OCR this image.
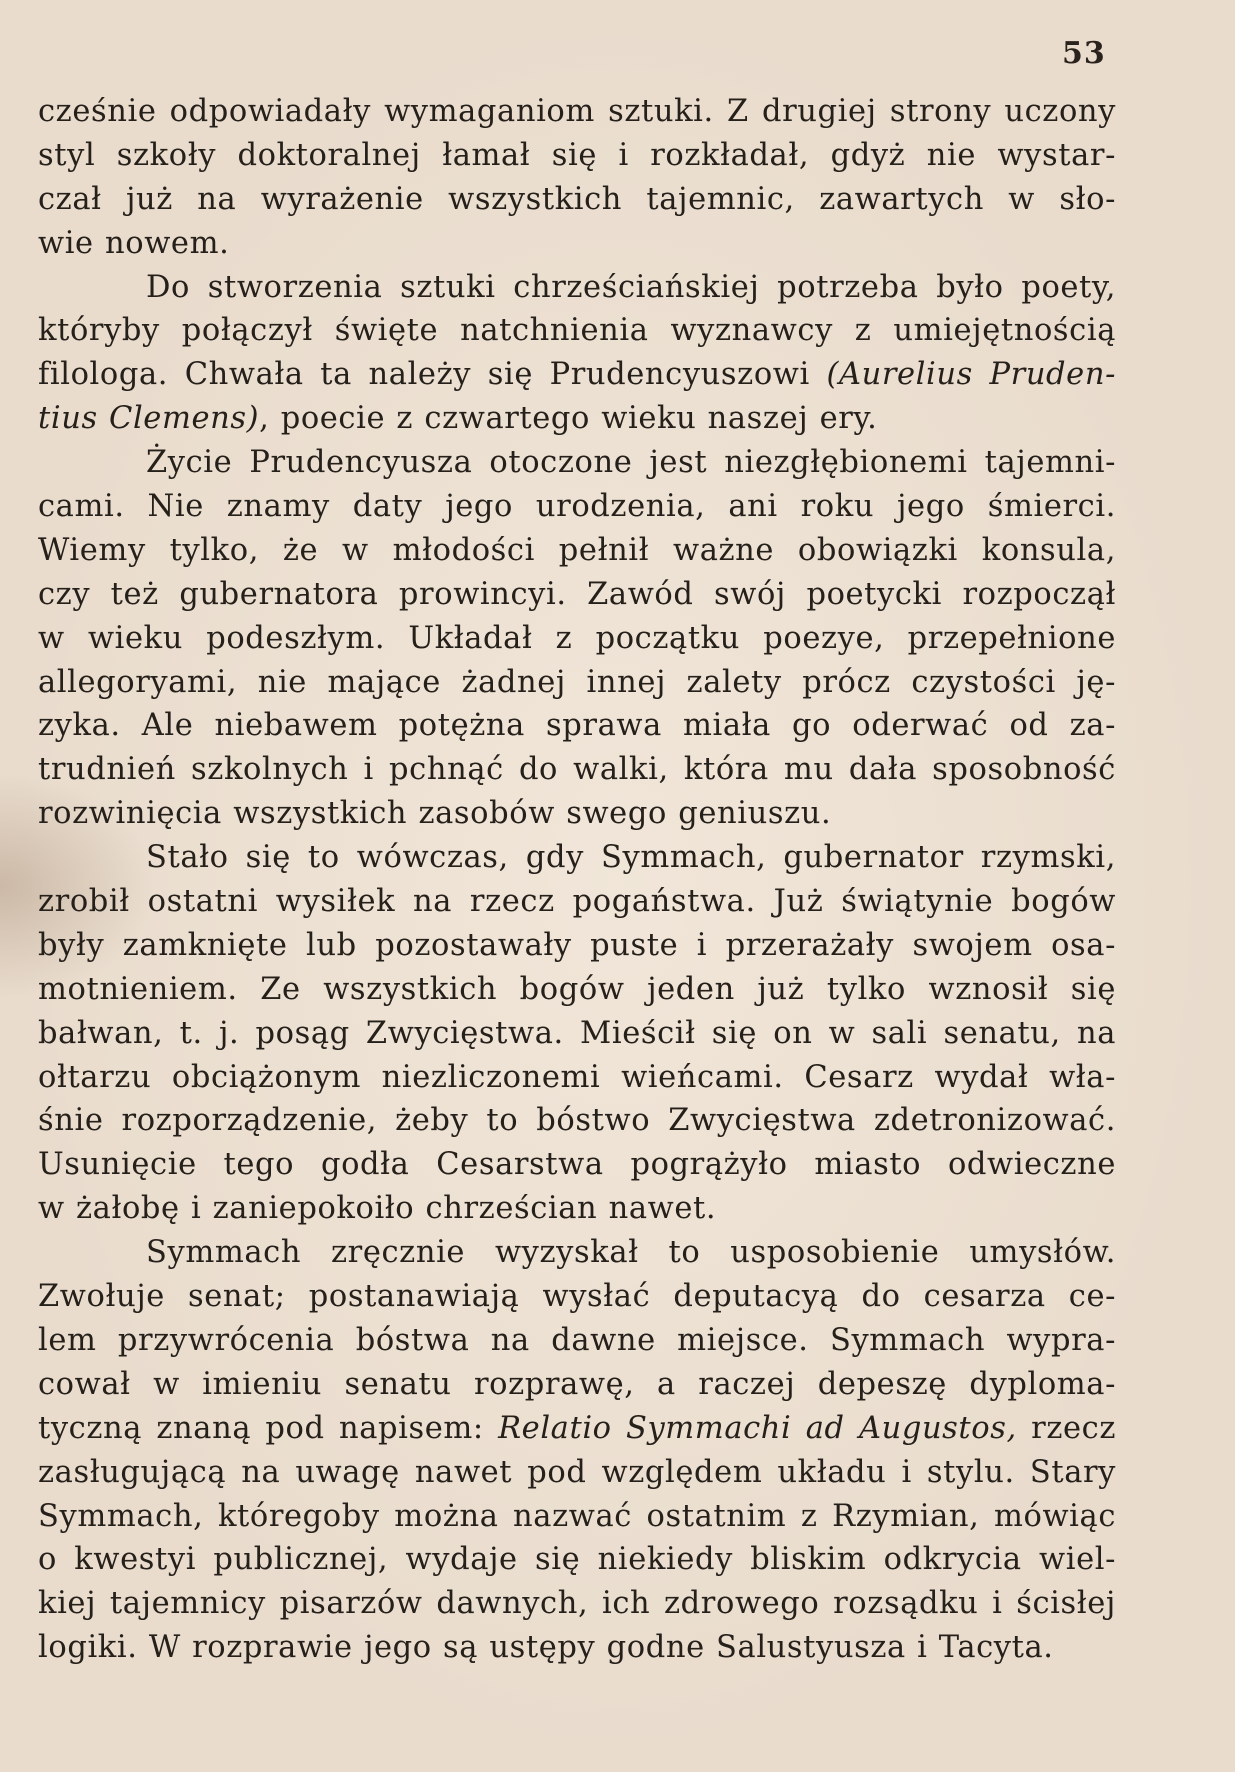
53
cześnie odpowiadały wymaganiom sztuki. Z drugiej strony uczony
styl szkoły doktoralnej łamał się i rozkładał, gdyż nie wystar-
czał już na wyrażenie wszystkich tajemnic, zawartych w sło-
wie nowem.
Do stworzenia sztuki chrześciańskiej potrzeba było poety,
któryby połączył święte natchnienia wyznawcy z umiejętnością
filologa. Chwała ta należy się Prudencyuszowi (Aurelius Pruden-
tius Clemens), poecie z czwartego wieku naszej ery.
Życie Prudencyusza otoczone jest niezgłębionemi tajemni-
cami. Nie znamy daty jego urodzenia, ani roku jego śmierci.
Wiemy tylko, że w młodości pełnił ważne obowiązki konsula,
czy też gubernatora prowincyi. Zawód swój poetycki rozpoczął
w wieku podeszłym. Układał z początku poezye, przepełnione
allegoryami, nie mające żadnej innej zalety prócz czystości ję-
zyka. Ale niebawem potężna sprawa miała go oderwać od za-
trudnień szkolnych i pchnąć do walki, która mu dała sposobność
rozwinięcia wszystkich zasobów swego geniuszu.
Stało się to wówczas, gdy Symmach, gubernator rzymski,
zrobił ostatni wysiłek na rzecz pogaństwa. Już świątynie bogów
były zamknięte lub pozostawały puste i przerażały swojem osa-
motnieniem. Ze wszystkich bogów jeden już tylko wznosił się
bałwan, t. j. posąg Zwycięstwa. Mieścił się on w sali senatu, na
ołtarzu obciążonym niezliczonemi wieńcami. Cesarz wydał wła-
śnie rozporządzenie, żeby to bóstwo Zwycięstwa zdetronizować.
Usunięcie tego godła Cesarstwa pogrążyło miasto odwieczne
w żałobę i zaniepokoiło chrześcian nawet.
Symmach zręcznie wyzyskał to usposobienie umysłów.
Zwołuje senat; postanawiają wysłać deputacyą do cesarza ce-
lem przywrócenia bóstwa na dawne miejsce. Symmach wypra-
cował w imieniu senatu rozprawę, a raczej depeszę dyploma-
tyczną znaną pod napisem: Relatio Symmachi ad Augustos, rzecz
zasługującą na uwagę nawet pod względem układu i stylu. Stary
Symmach, któregoby można nazwać ostatnim z Rzymian, mówiąc
o kwestyi publicznej, wydaje się niekiedy bliskim odkrycia wiel-
kiej tajemnicy pisarzów dawnych, ich zdrowego rozsądku i ścisłej
logiki. W rozprawie jego są ustępy godne Salustyusza i Tacyta.
